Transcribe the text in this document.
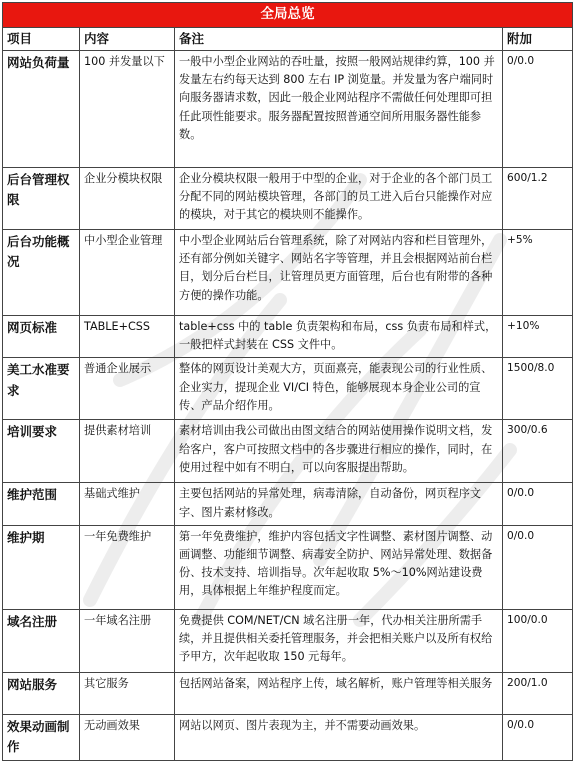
全局总览			
项目	内容	备注	附加
网站负荷量	100 并发量以下	一般中小型企业网站的吞吐量，按照一般网站规律约算，100 并发量左右约每天达到 800 左右 IP 浏览量。并发量为客户端同时向服务器请求数，因此一般企业网站程序不需做任何处理即可担任此项性能要求。服务器配置按照普通空间所用服务器性能参数。	0/0.0
后台管理权限	企业分模块权限	企业分模块权限一般用于中型的企业，对于企业的各个部门员工分配不同的网站模块管理，各部门的员工进入后台只能操作对应的模块，对于其它的模块则不能操作。	600/1.2
后台功能概况	中小型企业管理	中小型企业网站后台管理系统，除了对网站内容和栏目管理外，还有部分例如关键字、网站名字等管理，并且会根据网站前台栏目，划分后台栏目，让管理员更方面管理，后台也有附带的各种方便的操作功能。	+5%
网页标准	TABLE+CSS	table+css 中的 table 负责架构和布局，css 负责布局和样式，一般把样式封装在 CSS 文件中。	+10%
美工水准要求	普通企业展示	整体的网页设计美观大方，页面熹亮，能表现公司的行业性质、企业实力，提现企业 VI/CI 特色，能够展现本身企业公司的宣传、产品介绍作用。	1500/8.0
培训要求	提供素材培训	素材培训由我公司做出由图文结合的网站使用操作说明文档，发给客户，客户可按照文档中的各步骤进行相应的操作，同时，在使用过程中如有不明白，可以向客服提出帮助。	300/0.6
维护范围	基础式维护	主要包括网站的异常处理，病毒清除，自动备份，网页程序文字、图片素材修改。	0/0.0
维护期	一年免费维护	第一年免费维护，维护内容包括文字性调整、素材图片调整、动画调整、功能细节调整、病毒安全防护、网站异常处理、数据备份、技术支持、培训指导。次年起收取 5%～10%网站建设费用，具体根据上年维护程度而定。	0/0.0
域名注册	一年域名注册	免费提供 COM/NET/CN 域名注册一年，代办相关注册所需手续，并且提供相关委托管理服务，并会把相关账户以及所有权给予甲方，次年起收取 150 元每年。	100/0.0
网站服务	其它服务	包括网站备案，网站程序上传，域名解析，账户管理等相关服务	200/1.0
效果动画制作	无动画效果	网站以网页、图片表现为主，并不需要动画效果。	0/0.0
